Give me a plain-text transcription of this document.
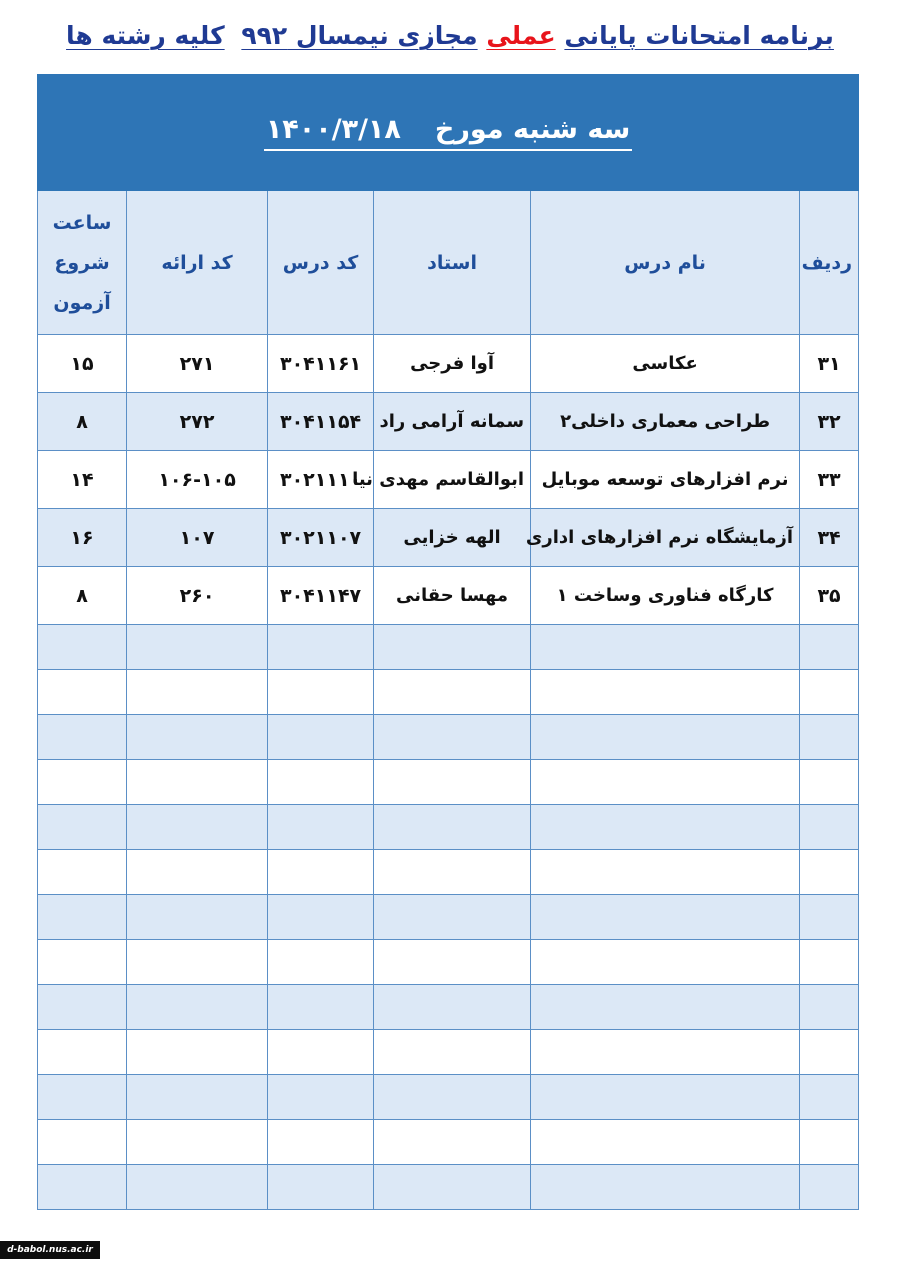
برنامه امتحانات پایانی عملی مجازی نیمسال ۹۹۲ کلیه رشته ها
سه شنبه مورخ۱۴۰۰/۳/۱۸					
ردیف	نام درس	استاد	کد درس	کد ارائه	ساعت
شروع
آزمون
۳۱	عکاسی	آوا فرجی	۳۰۴۱۱۶۱	۲۷۱	۱۵
۳۲	طراحی معماری داخلی۲	سمانه آرامی راد	۳۰۴۱۱۵۴	۲۷۲	۸
۳۳	نرم افزارهای توسعه موبایل	ابوالقاسم مهدی نیا	۳۰۲۱۱۱۰	۱۰۶-۱۰۵	۱۴
۳۴	آزمایشگاه نرم افزارهای اداری	الهه خزایی	۳۰۲۱۱۰۷	۱۰۷	۱۶
۳۵	کارگاه فناوری وساخت ۱	مهسا حقانی	۳۰۴۱۱۴۷	۲۶۰	۸

d-babol.nus.ac.ir
